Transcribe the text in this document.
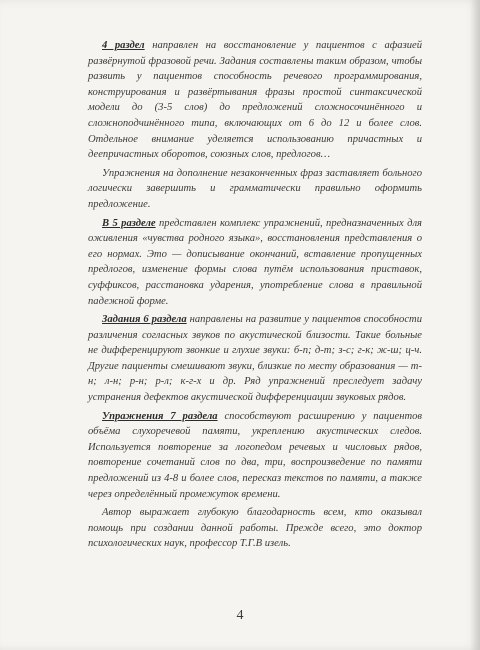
4 раздел направлен на восстановление у пациентов с афазией развёрнутой фразовой речи. Задания составлены таким образом, чтобы развить у пациентов способность речевого программирования, конструирования и развёртывания фразы простой синтаксической модели до (3-5 слов) до предложений сложносочинённого и сложноподчинённого типа, включающих от 6 до 12 и более слов. Отдельное внимание уделяется использованию причастных и деепричастных оборотов, союзных слов, предлогов…

Упражнения на дополнение незаконченных фраз заставляет больного логически завершить и грамматически правильно оформить предложение.

В 5 разделе представлен комплекс упражнений, предназначенных для оживления «чувства родного языка», восстановления представления о его нормах. Это — дописывание окончаний, вставление пропущенных предлогов, изменение формы слова путём использования приставок, суффиксов, расстановка ударения, употребление слова в правильной падежной форме.

Задания 6 раздела направлены на развитие у пациентов способности различения согласных звуков по акустической близости. Такие больные не дифференцируют звонкие и глухие звуки: б-п; д-т; з-с; г-к; ж-ш; ц-ч. Другие пациенты смешивают звуки, близкие по месту образования — т-н; л-н; р-н; р-л; к-г-х и др. Ряд упражнений преследует задачу устранения дефектов акустической дифференциации звуковых рядов.

Упражнения 7 раздела способствуют расширению у пациентов объёма слухоречевой памяти, укреплению акустических следов. Используется повторение за логопедом речевых и числовых рядов, повторение сочетаний слов по два, три, воспроизведение по памяти предложений из 4-8 и более слов, пересказ текстов по памяти, а также через определённый промежуток времени.

Автор выражает глубокую благодарность всем, кто оказывал помощь при создании данной работы. Прежде всего, это доктор психологических наук, профессор Т.Г.В изель.

4
